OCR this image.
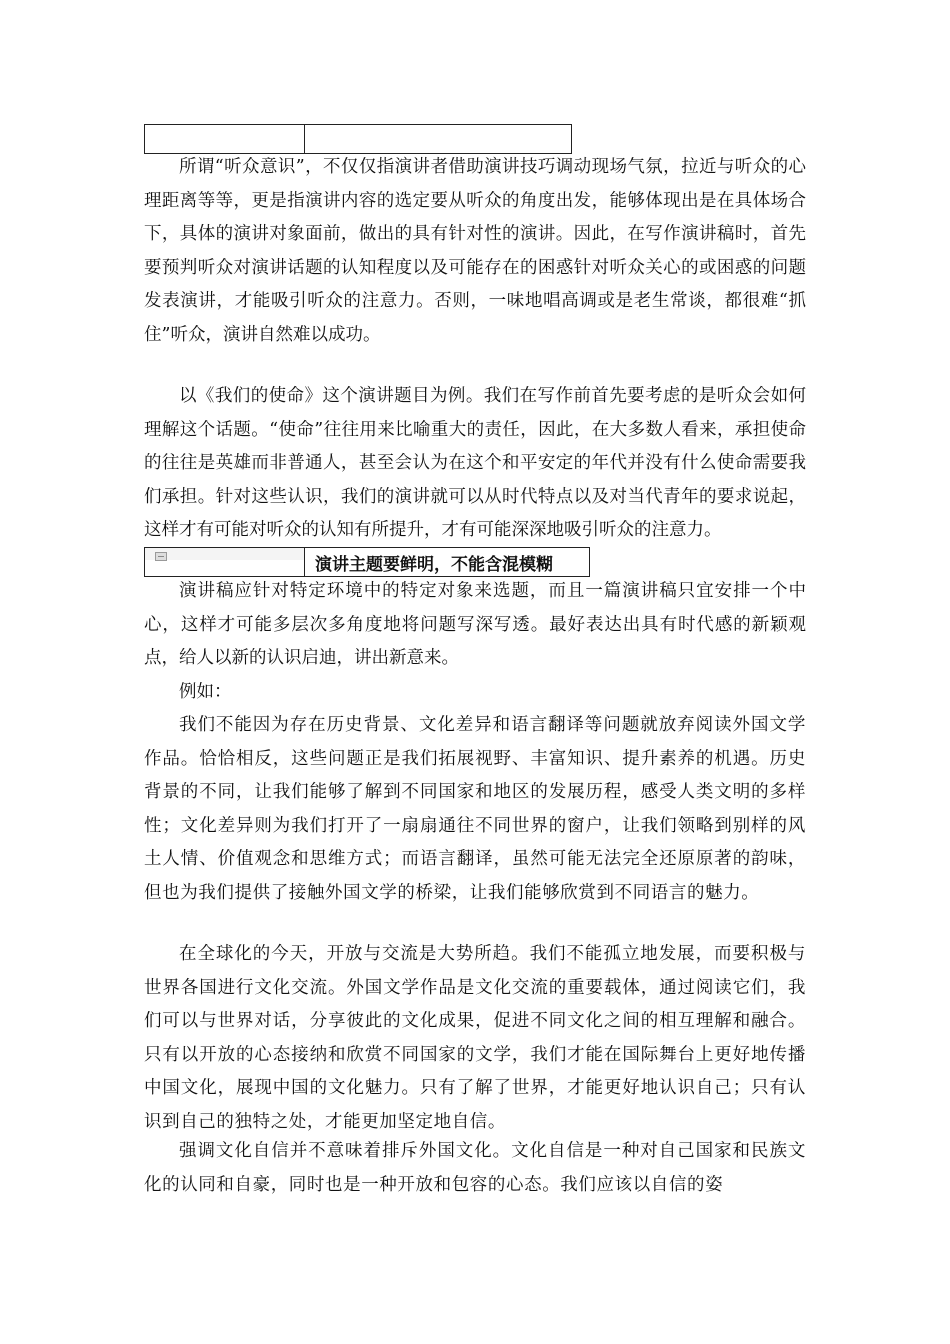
所谓“听众意识”，不仅仅指演讲者借助演讲技巧调动现场气氛，拉近与听众的心理距离等等，更是指演讲内容的选定要从听众的角度出发，能够体现出是在具体场合下，具体的演讲对象面前，做出的具有针对性的演讲。因此，在写作演讲稿时，首先要预判听众对演讲话题的认知程度以及可能存在的困惑针对听众关心的或困惑的问题发表演讲，才能吸引听众的注意力。否则，一味地唱高调或是老生常谈，都很难“抓住”听众，演讲自然难以成功。

以《我们的使命》这个演讲题目为例。我们在写作前首先要考虑的是听众会如何理解这个话题。“使命”往往用来比喻重大的责任，因此，在大多数人看来，承担使命的往往是英雄而非普通人，甚至会认为在这个和平安定的年代并没有什么使命需要我们承担。针对这些认识，我们的演讲就可以从时代特点以及对当代青年的要求说起，这样才有可能对听众的认知有所提升，才有可能深深地吸引听众的注意力。

演讲主题要鲜明，不能含混模糊

演讲稿应针对特定环境中的特定对象来选题，而且一篇演讲稿只宜安排一个中心，这样才可能多层次多角度地将问题写深写透。最好表达出具有时代感的新颖观点，给人以新的认识启迪，讲出新意来。

例如：

我们不能因为存在历史背景、文化差异和语言翻译等问题就放弃阅读外国文学作品。恰恰相反，这些问题正是我们拓展视野、丰富知识、提升素养的机遇。历史背景的不同，让我们能够了解到不同国家和地区的发展历程，感受人类文明的多样性；文化差异则为我们打开了一扇扇通往不同世界的窗户，让我们领略到别样的风土人情、价值观念和思维方式；而语言翻译，虽然可能无法完全还原原著的韵味，但也为我们提供了接触外国文学的桥梁，让我们能够欣赏到不同语言的魅力。

在全球化的今天，开放与交流是大势所趋。我们不能孤立地发展，而要积极与世界各国进行文化交流。外国文学作品是文化交流的重要载体，通过阅读它们，我们可以与世界对话，分享彼此的文化成果，促进不同文化之间的相互理解和融合。只有以开放的心态接纳和欣赏不同国家的文学，我们才能在国际舞台上更好地传播中国文化，展现中国的文化魅力。只有了解了世界，才能更好地认识自己；只有认识到自己的独特之处，才能更加坚定地自信。

强调文化自信并不意味着排斥外国文化。文化自信是一种对自己国家和民族文化的认同和自豪，同时也是一种开放和包容的心态。我们应该以自信的姿
